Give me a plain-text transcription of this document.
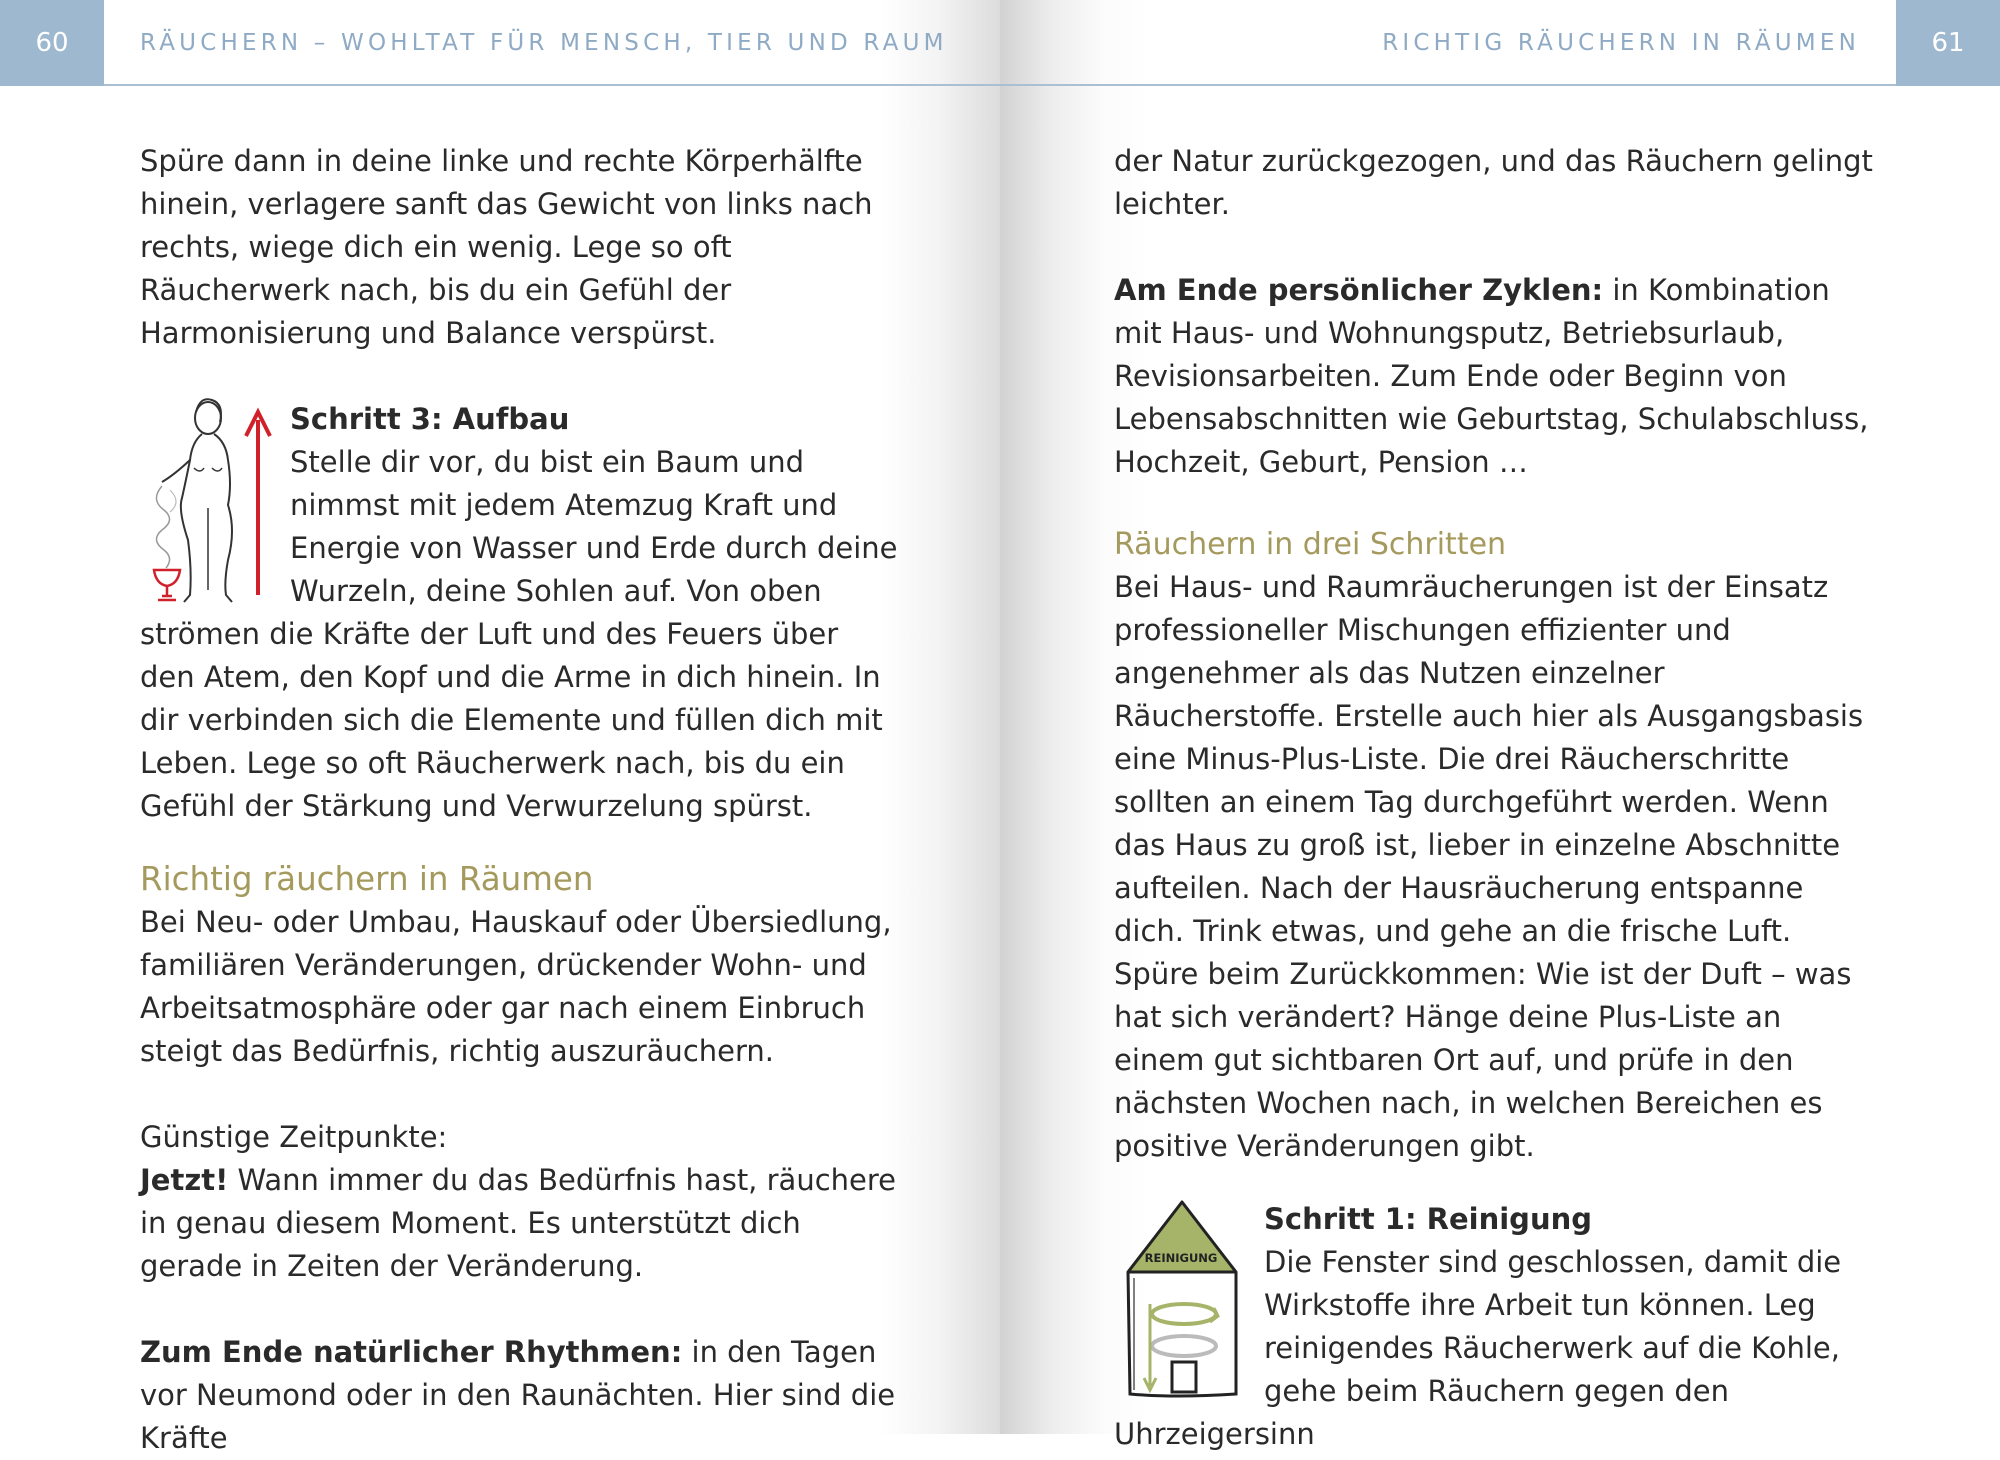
60	RÄUCHERN – WOHLTAT FÜR MENSCH, TIER UND RAUM

Spüre dann in deine linke und rechte Körperhälfte hinein, verlagere sanft das Gewicht von links nach rechts, wiege dich ein wenig. Lege so oft Räucherwerk nach, bis du ein Gefühl der Harmonisierung und Balance verspürst.

Schritt 3: Aufbau

Stelle dir vor, du bist ein Baum und nimmst mit jedem Atemzug Kraft und Energie von Wasser und Erde durch deine Wurzeln, deine Sohlen auf. Von oben strömen die Kräfte der Luft und des Feuers über den Atem, den Kopf und die Arme in dich hinein. In dir verbinden sich die Elemente und füllen dich mit Leben. Lege so oft Räucherwerk nach, bis du ein Gefühl der Stärkung und Verwurzelung spürst.

Richtig räuchern in Räumen

Bei Neu- oder Umbau, Hauskauf oder Übersiedlung, familiären Veränderungen, drückender Wohn- und Arbeitsatmosphäre oder gar nach einem Einbruch steigt das Bedürfnis, richtig auszuräuchern.

Günstige Zeitpunkte:

Jetzt! Wann immer du das Bedürfnis hast, räuchere in genau diesem Moment. Es unterstützt dich gerade in Zeiten der Veränderung.

Zum Ende natürlicher Rhythmen: in den Tagen vor Neumond oder in den Raunächten. Hier sind die Kräfte

RICHTIG RÄUCHERN IN RÄUMEN	61

der Natur zurückgezogen, und das Räuchern gelingt leichter.

Am Ende persönlicher Zyklen: in Kombination mit Haus- und Wohnungsputz, Betriebsurlaub, Revisionsarbeiten. Zum Ende oder Beginn von Lebensabschnitten wie Geburtstag, Schulabschluss, Hochzeit, Geburt, Pension …

Räuchern in drei Schritten

Bei Haus- und Raumräucherungen ist der Einsatz professioneller Mischungen effizienter und angenehmer als das Nutzen einzelner Räucherstoffe. Erstelle auch hier als Ausgangsbasis eine Minus-Plus-Liste. Die drei Räucherschritte sollten an einem Tag durchgeführt werden. Wenn das Haus zu groß ist, lieber in einzelne Abschnitte aufteilen. Nach der Hausräucherung entspanne dich. Trink etwas, und gehe an die frische Luft. Spüre beim Zurückkommen: Wie ist der Duft – was hat sich verändert? Hänge deine Plus-Liste an einem gut sichtbaren Ort auf, und prüfe in den nächsten Wochen nach, in welchen Bereichen es positive Veränderungen gibt.

REINIGUNG

Schritt 1: Reinigung

Die Fenster sind geschlossen, damit die Wirkstoffe ihre Arbeit tun können. Leg reinigendes Räucherwerk auf die Kohle, gehe beim Räuchern gegen den Uhrzeigersinn
